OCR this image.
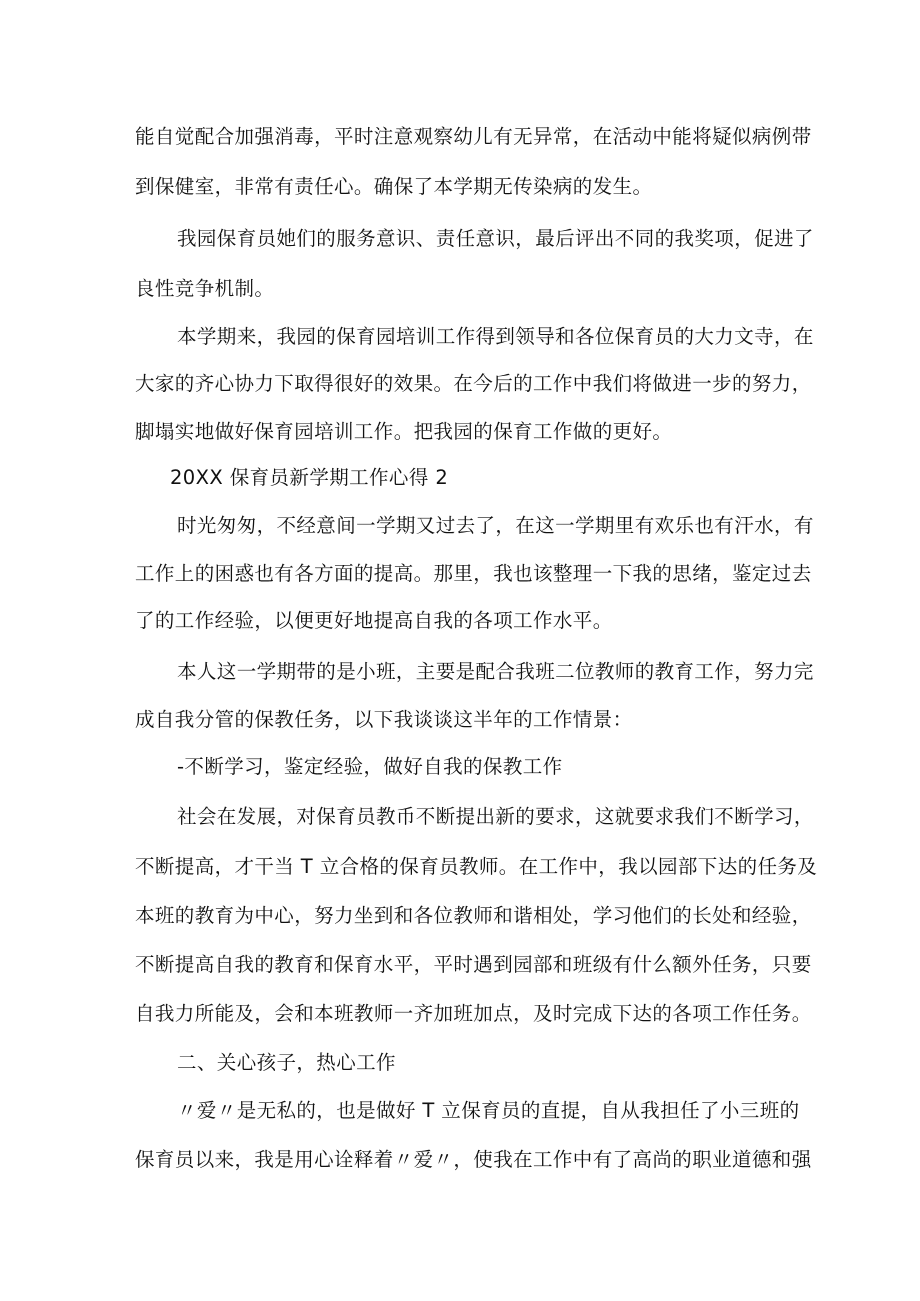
能自觉配合加强消毒，平时注意观察幼儿有无异常，在活动中能将疑似病例带
到保健室，非常有责任心。确保了本学期无传染病的发生。
我园保育员她们的服务意识、责任意识，最后评出不同的我奖项，促进了
良性竞争机制。
本学期来，我园的保育园培训工作得到领导和各位保育员的大力文寺，在
大家的齐心协力下取得很好的效果。在今后的工作中我们将做进一步的努力，
脚塌实地做好保育园培训工作。把我园的保育工作做的更好。
20XX 保育员新学期工作心得 2
时光匆匆，不经意间一学期又过去了，在这一学期里有欢乐也有汗水，有
工作上的困惑也有各方面的提高。那里，我也该整理一下我的思绪，鉴定过去
了的工作经验，以便更好地提高自我的各项工作水平。
本人这一学期带的是小班，主要是配合我班二位教师的教育工作，努力完
成自我分管的保教任务，以下我谈谈这半年的工作情景：
-不断学习，鉴定经验，做好自我的保教工作
社会在发展，对保育员教币不断提出新的要求，这就要求我们不断学习，
不断提高，才干当 T 立合格的保育员教师。在工作中，我以园部下达的任务及
本班的教育为中心，努力坐到和各位教师和谐相处，学习他们的长处和经验，
不断提高自我的教育和保育水平，平时遇到园部和班级有什么额外任务，只要
自我力所能及，会和本班教师一齐加班加点，及时完成下达的各项工作任务。
二、关心孩子，热心工作
〃爱〃是无私的，也是做好 T 立保育员的直提，自从我担任了小三班的
保育员以来，我是用心诠释着〃爱〃，使我在工作中有了高尚的职业道德和强
